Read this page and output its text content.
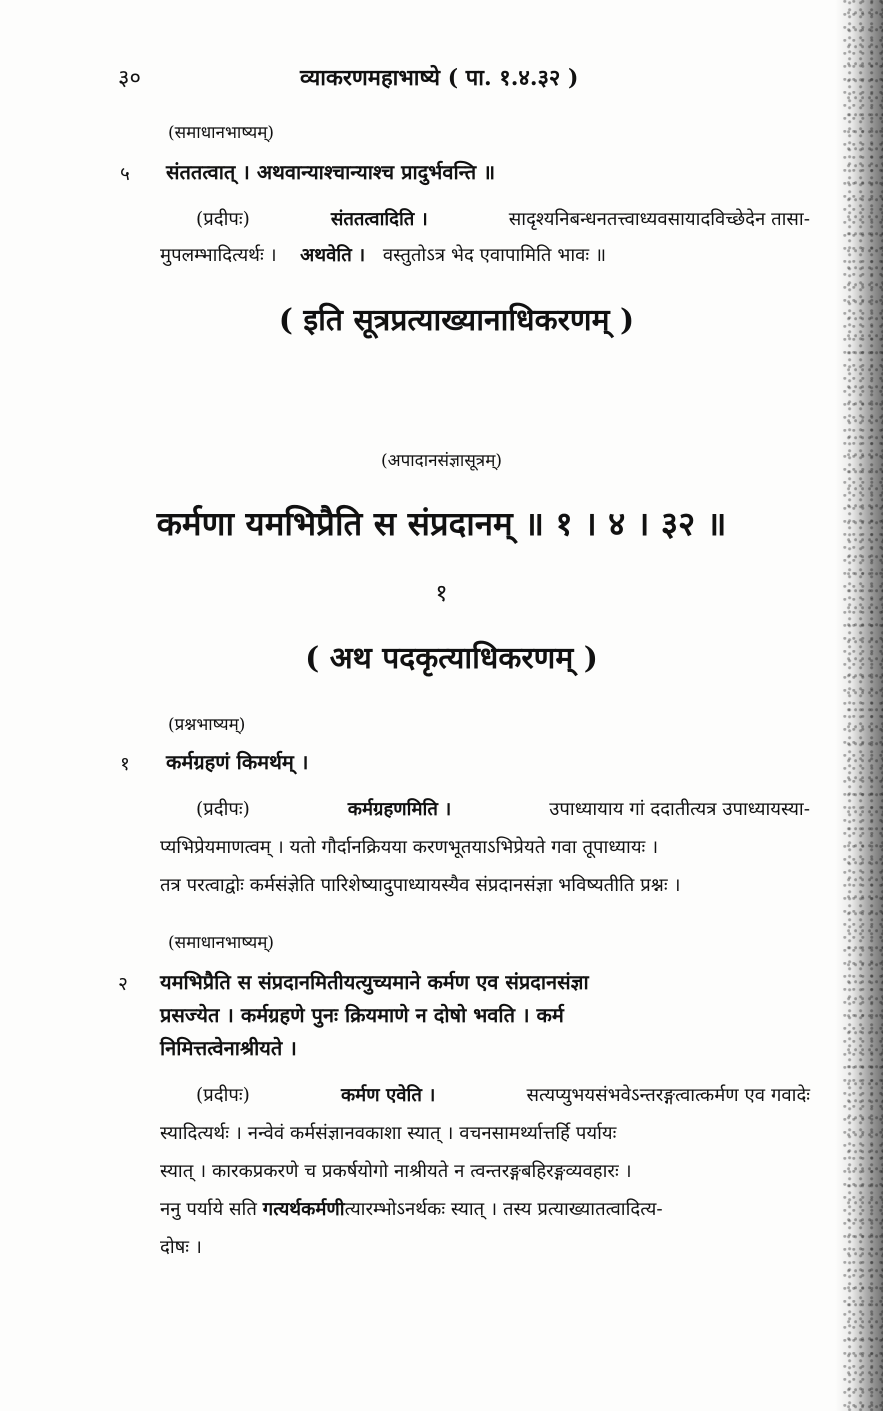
३०	व्याकरणमहाभाष्ये ( पा. १.४.३२ )
(समाधानभाष्यम्)
५ संततत्वात् । अथवान्याश्चान्याश्च प्रादुर्भवन्ति ॥
(प्रदीपः)	संततत्वादिति ।	सादृश्यनिबन्धनतत्त्वाध्यवसायादविच्छेदेन तासा-
मुपलम्भादित्यर्थः । अथवेति । वस्तुतोऽत्र भेद एवापामिति भावः ॥
( इति सूत्रप्रत्याख्यानाधिकरणम् )
(अपादानसंज्ञासूत्रम्)
कर्मणा यमभिप्रैति स संप्रदानम् ॥ १ । ४ । ३२ ॥
१
( अथ पदकृत्याधिकरणम् )
(प्रश्नभाष्यम्)
१ कर्मग्रहणं किमर्थम् ।
(प्रदीपः)	कर्मग्रहणमिति ।	उपाध्यायाय गां ददातीत्यत्र उपाध्यायस्या-
प्यभिप्रेयमाणत्वम् । यतो गौर्दानक्रियया करणभूतयाऽभिप्रेयते गवा तूपाध्यायः ।
तत्र परत्वाद्वोः कर्मसंज्ञेति पारिशेष्यादुपाध्यायस्यैव संप्रदानसंज्ञा भविष्यतीति प्रश्नः ।
(समाधानभाष्यम्)
२ यमभिप्रैति स संप्रदानमितीयत्युच्यमाने कर्मण एव संप्रदानसंज्ञा
प्रसज्येत । कर्मग्रहणे पुनः क्रियमाणे न दोषो भवति । कर्म
निमित्तत्वेनाश्रीयते ।
(प्रदीपः)	कर्मण एवेति ।	सत्यप्युभयसंभवेऽन्तरङ्गत्वात्कर्मण एव गवादेः
स्यादित्यर्थः । नन्वेवं कर्मसंज्ञानवकाशा स्यात् । वचनसामर्थ्यात्तर्हि पर्यायः
स्यात् । कारकप्रकरणे च प्रकर्षयोगो नाश्रीयते न त्वन्तरङ्गबहिरङ्गव्यवहारः ।
ननु पर्याये सति गत्यर्थकर्मणीत्यारम्भोऽनर्थकः स्यात् । तस्य प्रत्याख्यातत्वादित्य-
दोषः ।
